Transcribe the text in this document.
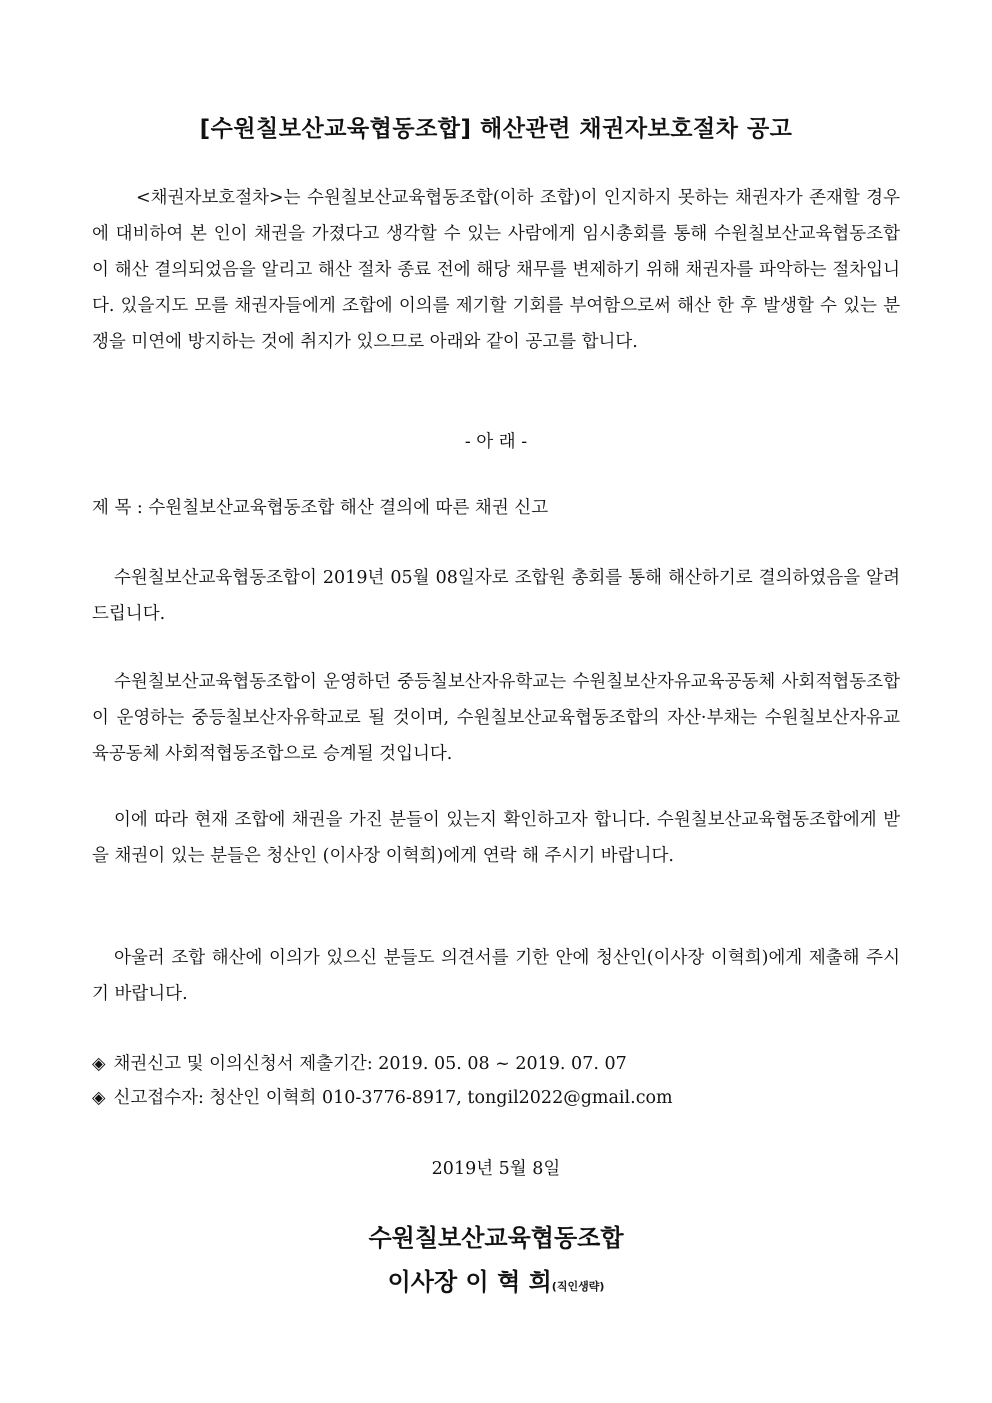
[수원칠보산교육협동조합] 해산관련 채권자보호절차 공고
<채권자보호절차>는 수원칠보산교육협동조합(이하 조합)이 인지하지 못하는 채권자가 존재할 경우에 대비하여 본 인이 채권을 가졌다고 생각할 수 있는 사람에게 임시총회를 통해 수원칠보산교육협동조합이 해산 결의되었음을 알리고 해산 절차 종료 전에 해당 채무를 변제하기 위해 채권자를 파악하는 절차입니다. 있을지도 모를 채권자들에게 조합에 이의를 제기할 기회를 부여함으로써 해산 한 후 발생할 수 있는 분쟁을 미연에 방지하는 것에 취지가 있으므로 아래와 같이 공고를 합니다.
- 아 래 -
제 목 : 수원칠보산교육협동조합 해산 결의에 따른 채권 신고
수원칠보산교육협동조합이 2019년 05월 08일자로 조합원 총회를 통해 해산하기로 결의하였음을 알려드립니다.
수원칠보산교육협동조합이 운영하던 중등칠보산자유학교는 수원칠보산자유교육공동체 사회적협동조합이 운영하는 중등칠보산자유학교로 될 것이며, 수원칠보산교육협동조합의 자산·부채는 수원칠보산자유교육공동체 사회적협동조합으로 승계될 것입니다.
이에 따라 현재 조합에 채권을 가진 분들이 있는지 확인하고자 합니다. 수원칠보산교육협동조합에게 받을 채권이 있는 분들은 청산인 (이사장 이혁희)에게 연락 해 주시기 바랍니다.
아울러 조합 해산에 이의가 있으신 분들도 의견서를 기한 안에 청산인(이사장 이혁희)에게 제출해 주시기 바랍니다.
◈ 채권신고 및 이의신청서 제출기간: 2019. 05. 08 ~ 2019. 07. 07
◈ 신고접수자: 청산인 이혁희 010-3776-8917, tongil2022@gmail.com
2019년 5월 8일
수원칠보산교육협동조합
이사장 이 혁 희(직인생략)
